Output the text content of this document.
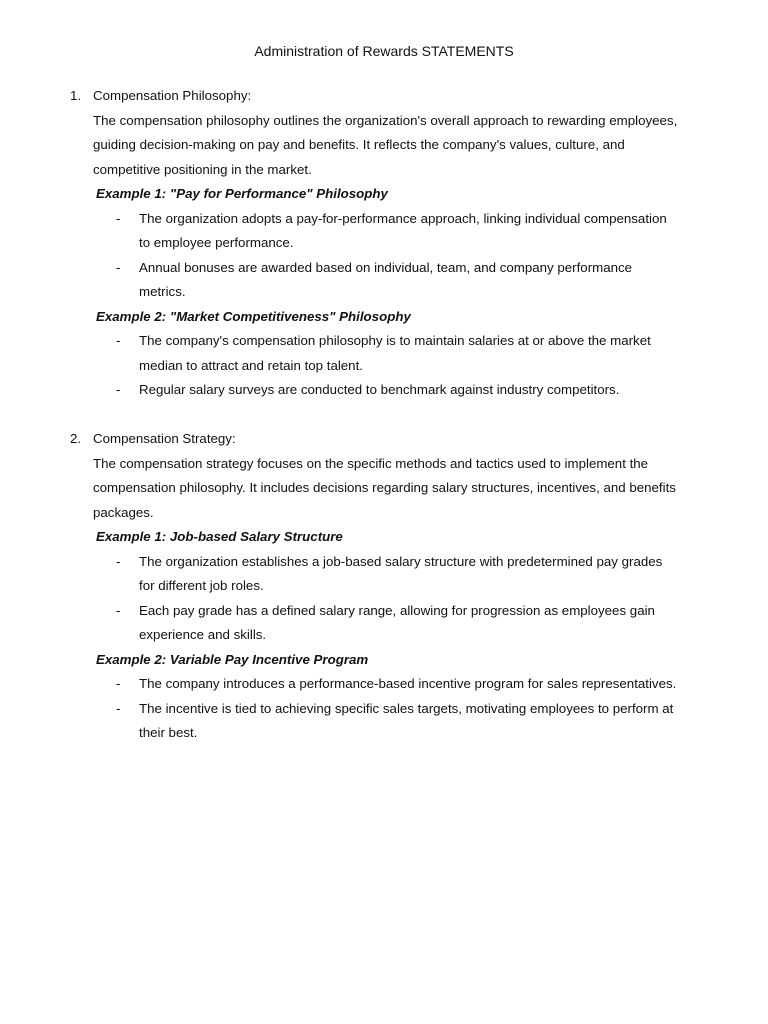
Administration of Rewards STATEMENTS
1. Compensation Philosophy:
The compensation philosophy outlines the organization's overall approach to rewarding employees, guiding decision-making on pay and benefits. It reflects the company's values, culture, and competitive positioning in the market.
Example 1: "Pay for Performance" Philosophy
-	The organization adopts a pay-for-performance approach, linking individual compensation to employee performance.
-	Annual bonuses are awarded based on individual, team, and company performance metrics.
Example 2: "Market Competitiveness" Philosophy
-	The company's compensation philosophy is to maintain salaries at or above the market median to attract and retain top talent.
-	Regular salary surveys are conducted to benchmark against industry competitors.
2. Compensation Strategy:
The compensation strategy focuses on the specific methods and tactics used to implement the compensation philosophy. It includes decisions regarding salary structures, incentives, and benefits packages.
Example 1: Job-based Salary Structure
-	The organization establishes a job-based salary structure with predetermined pay grades for different job roles.
-	Each pay grade has a defined salary range, allowing for progression as employees gain experience and skills.
Example 2: Variable Pay Incentive Program
-	The company introduces a performance-based incentive program for sales representatives.
-	The incentive is tied to achieving specific sales targets, motivating employees to perform at their best.
